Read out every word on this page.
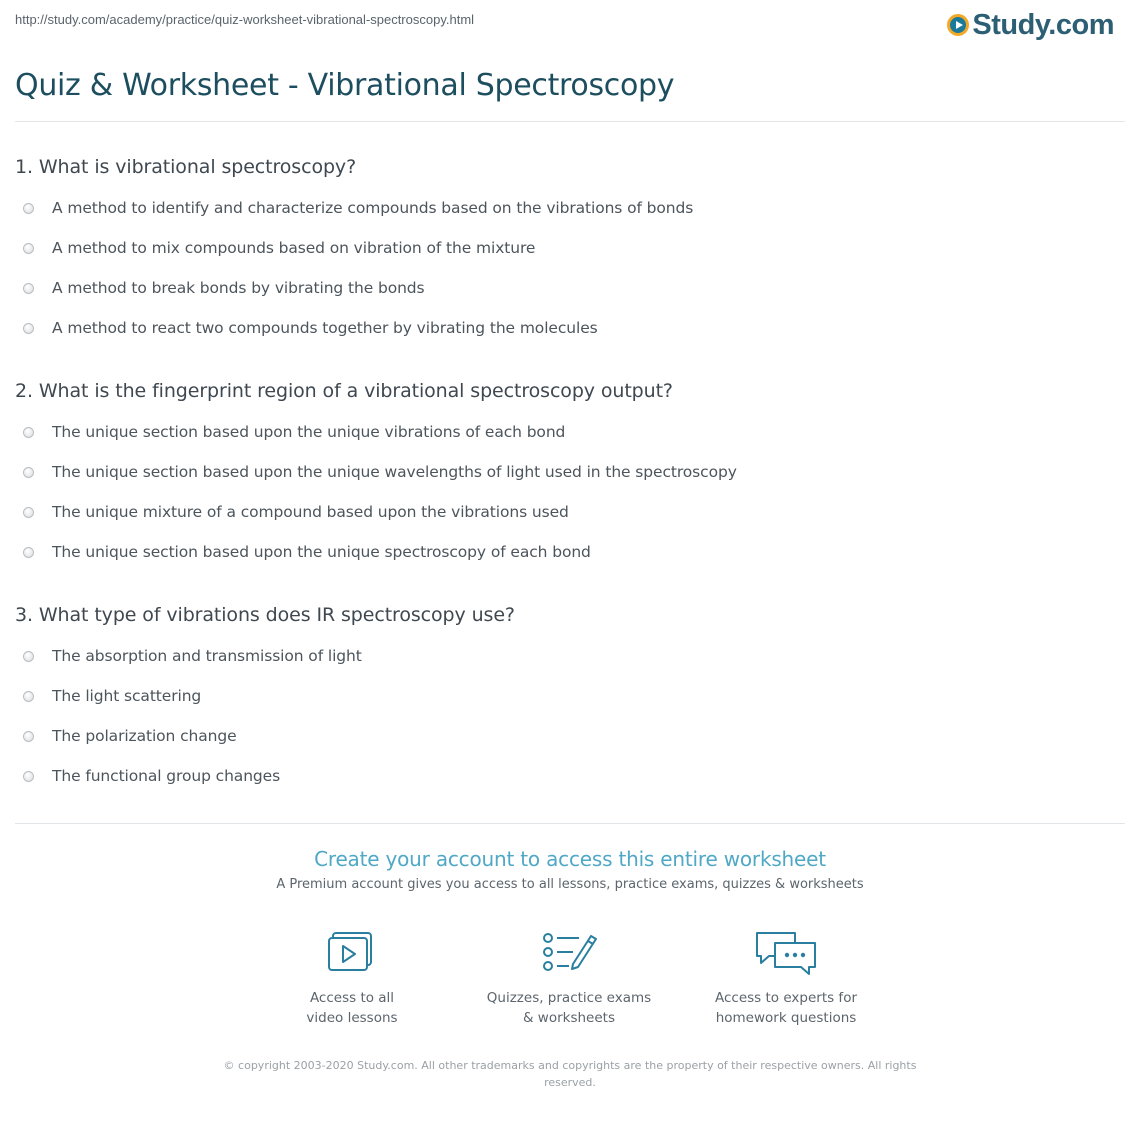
http://study.com/academy/practice/quiz-worksheet-vibrational-spectroscopy.html	Study.com
Quiz & Worksheet - Vibrational Spectroscopy
1. What is vibrational spectroscopy?
A method to identify and characterize compounds based on the vibrations of bonds
A method to mix compounds based on vibration of the mixture
A method to break bonds by vibrating the bonds
A method to react two compounds together by vibrating the molecules
2. What is the fingerprint region of a vibrational spectroscopy output?
The unique section based upon the unique vibrations of each bond
The unique section based upon the unique wavelengths of light used in the spectroscopy
The unique mixture of a compound based upon the vibrations used
The unique section based upon the unique spectroscopy of each bond
3. What type of vibrations does IR spectroscopy use?
The absorption and transmission of light
The light scattering
The polarization change
The functional group changes
Create your account to access this entire worksheet
A Premium account gives you access to all lessons, practice exams, quizzes & worksheets
Access to all
video lessons
Quizzes, practice exams
& worksheets
Access to experts for
homework questions
© copyright 2003-2020 Study.com. All other trademarks and copyrights are the property of their respective owners. All rights
reserved.
